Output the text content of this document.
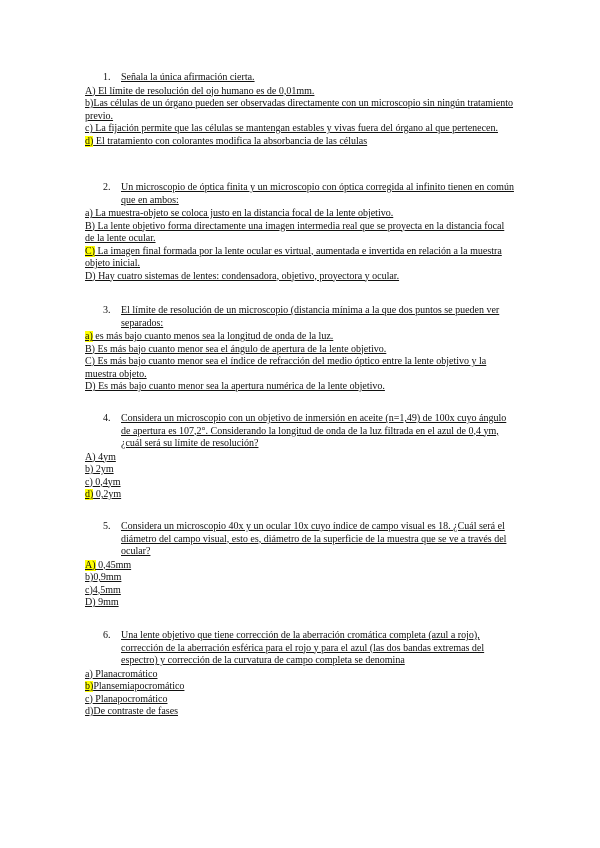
1. Señala la única afirmación cierta.

A) El límite de resolución del ojo humano es de 0,01mm.

b)Las células de un órgano pueden ser observadas directamente con un microscopio sin ningún tratamiento previo.

c) La fijación permite que las células se mantengan estables y vivas fuera del órgano al que pertenecen.

d) El tratamiento con colorantes modifica la absorbancia de las células

2. Un microscopio de óptica finita y un microscopio con óptica corregida al infinito tienen en común que en ambos:

a) La muestra-objeto se coloca justo en la distancia focal de la lente objetivo.

B) La lente objetivo forma directamente una imagen intermedia real que se proyecta en la distancia focal de la lente ocular.

C) La imagen final formada por la lente ocular es virtual, aumentada e invertida en relación a la muestra objeto inicial.

D) Hay cuatro sistemas de lentes: condensadora, objetivo, proyectora y ocular.

3. El límite de resolución de un microscopio (distancia mínima a la que dos puntos se pueden ver separados:

a) es más bajo cuanto menos sea la longitud de onda de la luz.

B) Es más bajo cuanto menor sea el ángulo de apertura de la lente objetivo.

C) Es más bajo cuanto menor sea el índice de refracción del medio óptico entre la lente objetivo y la muestra objeto.

D) Es más bajo cuanto menor sea la apertura numérica de la lente objetivo.

4. Considera un microscopio con un objetivo de inmersión en aceite (n=1,49) de 100x cuyo ángulo de apertura es 107,2°. Considerando la longitud de onda de la luz filtrada en el azul de 0,4 ym, ¿cuál será su límite de resolución?

A) 4ym

b) 2ym

c) 0,4ym

d) 0,2ym

5. Considera un microscopio 40x y un ocular 10x cuyo índice de campo visual es 18. ¿Cuál será el diámetro del campo visual, esto es, diámetro de la superficie de la muestra que se ve a través del ocular?

A) 0,45mm

b)0,9mm

c)4,5mm

D) 9mm

6. Una lente objetivo que tiene corrección de la aberración cromática completa (azul a rojo), corrección de la aberración esférica para el rojo y para el azul (las dos bandas extremas del espectro) y corrección de la curvatura de campo completa se denomina

a) Planacromático

b)Plansemiapocromático

c) Planapocromático

d)De contraste de fases
